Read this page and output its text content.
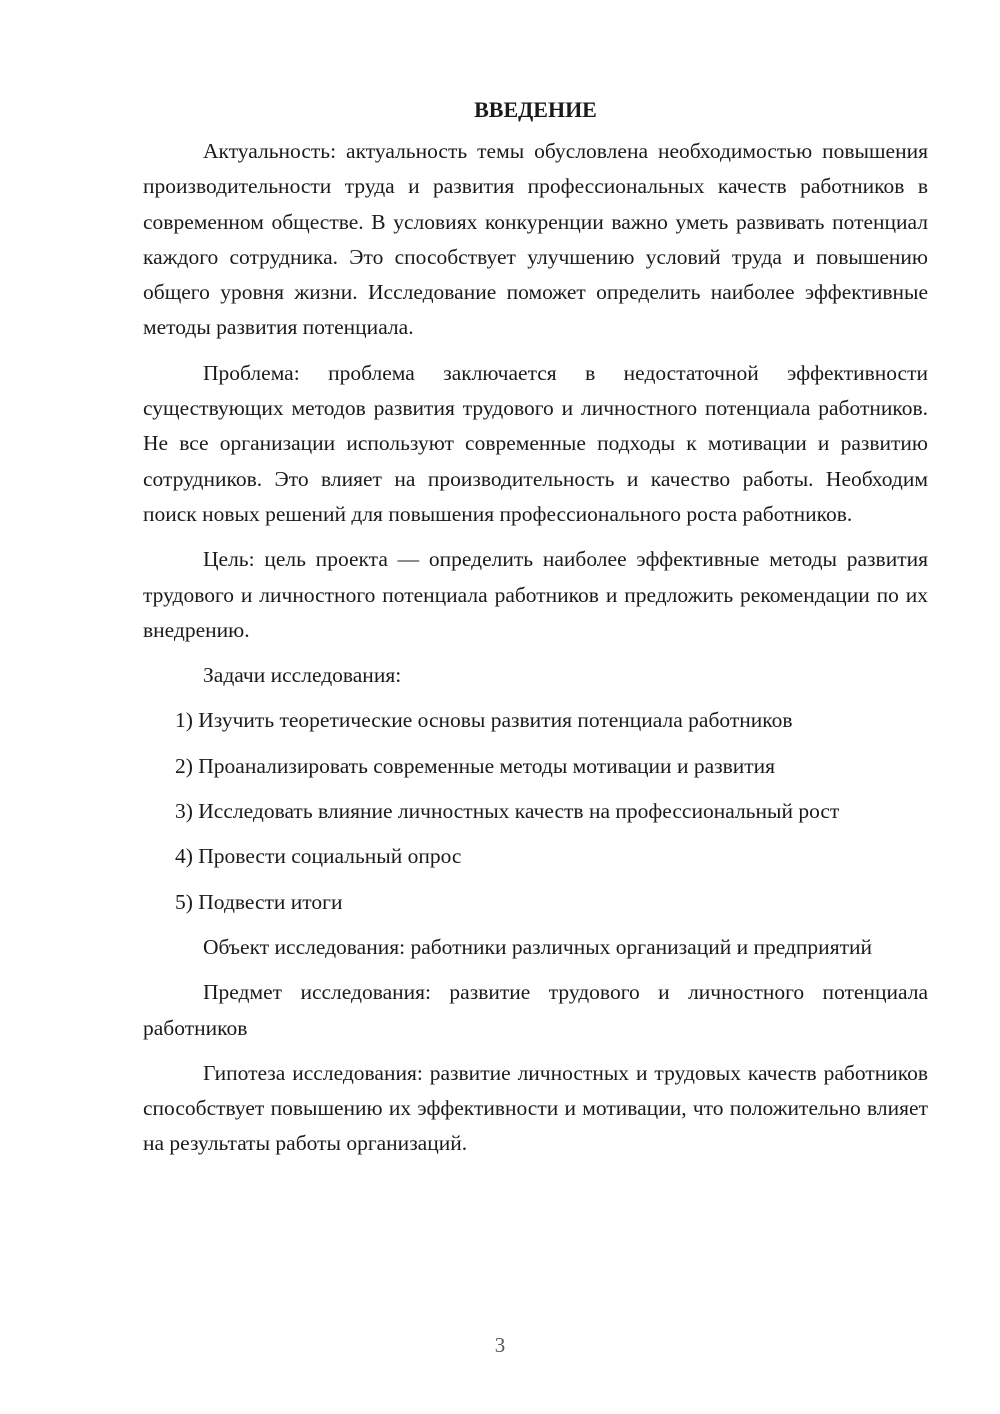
ВВЕДЕНИЕ

Актуальность: актуальность темы обусловлена необходимостью повышения производительности труда и развития профессиональных качеств работников в современном обществе. В условиях конкуренции важно уметь развивать потенциал каждого сотрудника. Это способствует улучшению условий труда и повышению общего уровня жизни. Исследование поможет определить наиболее эффективные методы развития потенциала.

Проблема: проблема заключается в недостаточной эффективности существующих методов развития трудового и личностного потенциала работников. Не все организации используют современные подходы к мотивации и развитию сотрудников. Это влияет на производительность и качество работы. Необходим поиск новых решений для повышения профессионального роста работников.

Цель: цель проекта — определить наиболее эффективные методы развития трудового и личностного потенциала работников и предложить рекомендации по их внедрению.

Задачи исследования:

1) Изучить теоретические основы развития потенциала работников

2) Проанализировать современные методы мотивации и развития

3) Исследовать влияние личностных качеств на профессиональный рост

4) Провести социальный опрос

5) Подвести итоги

Объект исследования: работники различных организаций и предприятий

Предмет исследования: развитие трудового и личностного потенциала работников

Гипотеза исследования: развитие личностных и трудовых качеств работников способствует повышению их эффективности и мотивации, что положительно влияет на результаты работы организаций.

3
